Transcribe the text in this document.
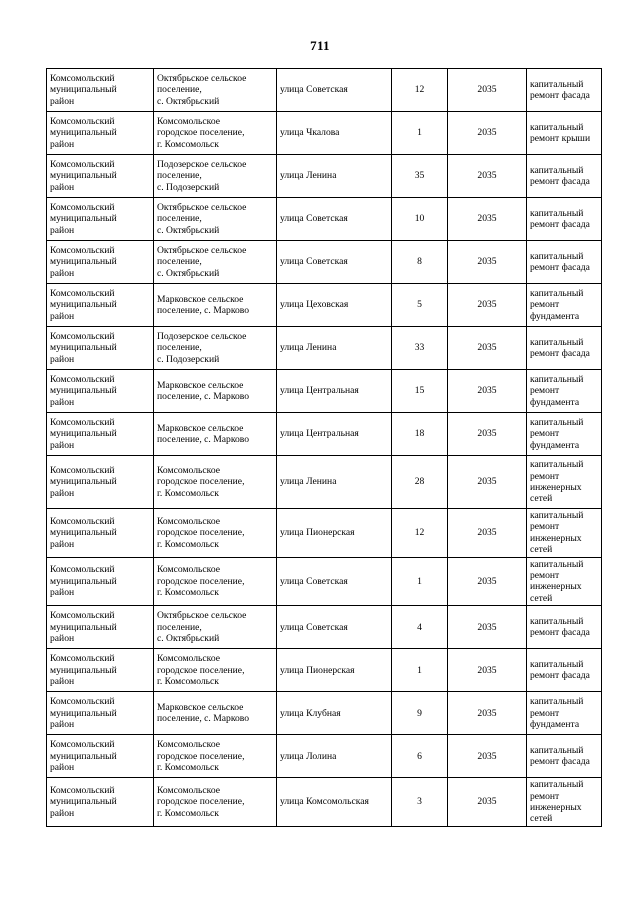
711
Комсомольский
муниципальный
район	Октябрьское сельское
поселение,
с. Октябрьский	улица Советская	12	2035	капитальный
ремонт фасада
Комсомольский
муниципальный
район	Комсомольское
городское поселение,
г. Комсомольск	улица Чкалова	1	2035	капитальный
ремонт крыши
Комсомольский
муниципальный
район	Подозерское сельское
поселение,
с. Подозерский	улица Ленина	35	2035	капитальный
ремонт фасада
Комсомольский
муниципальный
район	Октябрьское сельское
поселение,
с. Октябрьский	улица Советская	10	2035	капитальный
ремонт фасада
Комсомольский
муниципальный
район	Октябрьское сельское
поселение,
с. Октябрьский	улица Советская	8	2035	капитальный
ремонт фасада
Комсомольский
муниципальный
район	Марковское сельское
поселение, с. Марково	улица Цеховская	5	2035	капитальный
ремонт
фундамента
Комсомольский
муниципальный
район	Подозерское сельское
поселение,
с. Подозерский	улица Ленина	33	2035	капитальный
ремонт фасада
Комсомольский
муниципальный
район	Марковское сельское
поселение, с. Марково	улица Центральная	15	2035	капитальный
ремонт
фундамента
Комсомольский
муниципальный
район	Марковское сельское
поселение, с. Марково	улица Центральная	18	2035	капитальный
ремонт
фундамента
Комсомольский
муниципальный
район	Комсомольское
городское поселение,
г. Комсомольск	улица Ленина	28	2035	капитальный
ремонт
инженерных
сетей
Комсомольский
муниципальный
район	Комсомольское
городское поселение,
г. Комсомольск	улица Пионерская	12	2035	капитальный
ремонт
инженерных
сетей
Комсомольский
муниципальный
район	Комсомольское
городское поселение,
г. Комсомольск	улица Советская	1	2035	капитальный
ремонт
инженерных
сетей
Комсомольский
муниципальный
район	Октябрьское сельское
поселение,
с. Октябрьский	улица Советская	4	2035	капитальный
ремонт фасада
Комсомольский
муниципальный
район	Комсомольское
городское поселение,
г. Комсомольск	улица Пионерская	1	2035	капитальный
ремонт фасада
Комсомольский
муниципальный
район	Марковское сельское
поселение, с. Марково	улица Клубная	9	2035	капитальный
ремонт
фундамента
Комсомольский
муниципальный
район	Комсомольское
городское поселение,
г. Комсомольск	улица Лолина	6	2035	капитальный
ремонт фасада
Комсомольский
муниципальный
район	Комсомольское
городское поселение,
г. Комсомольск	улица Комсомольская	3	2035	капитальный
ремонт
инженерных
сетей
